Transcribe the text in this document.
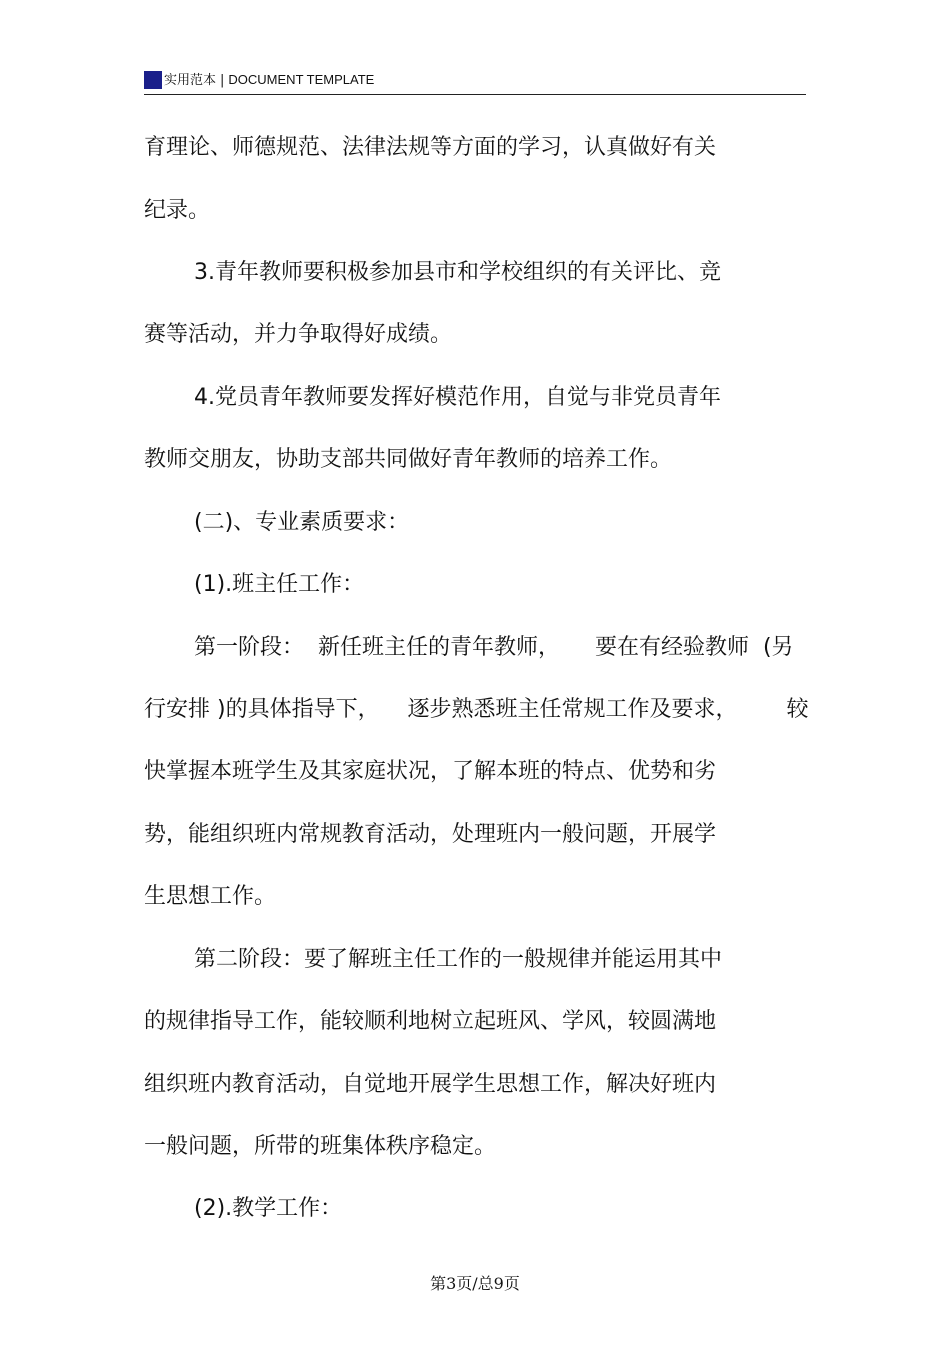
实用范本 | DOCUMENT TEMPLATE
育理论、师德规范、法律法规等方面的学习，认真做好有关
纪录。
3.青年教师要积极参加县市和学校组织的有关评比、竞
赛等活动，并力争取得好成绩。
4.党员青年教师要发挥好模范作用，自觉与非党员青年
教师交朋友，协助支部共同做好青年教师的培养工作。
(二)、专业素质要求：
(1).班主任工作：
第一阶段：  新任班主任的青年教师，     要在有经验教师  (另
行安排 )的具体指导下，    逐步熟悉班主任常规工作及要求，       较
快掌握本班学生及其家庭状况，了解本班的特点、优势和劣
势，能组织班内常规教育活动，处理班内一般问题，开展学
生思想工作。
第二阶段：要了解班主任工作的一般规律并能运用其中
的规律指导工作，能较顺利地树立起班风、学风，较圆满地
组织班内教育活动，自觉地开展学生思想工作，解决好班内
一般问题，所带的班集体秩序稳定。
(2).教学工作：
第3页/总9页
